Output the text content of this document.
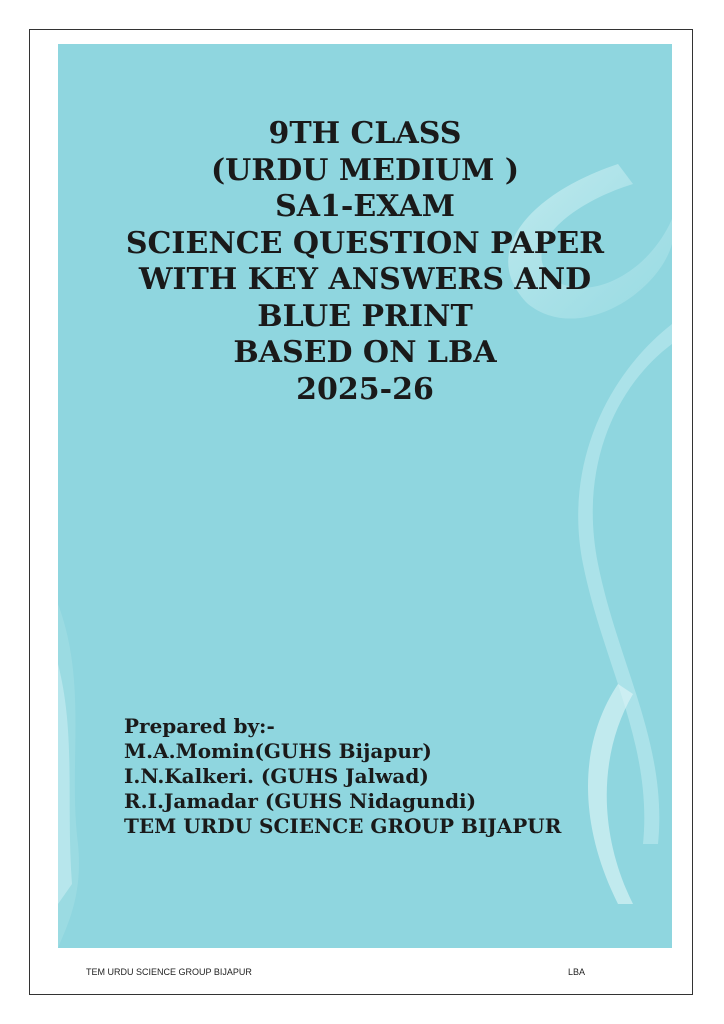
9TH CLASS
(URDU MEDIUM )
SA1-EXAM
SCIENCE QUESTION PAPER
WITH KEY ANSWERS AND
BLUE PRINT
BASED ON LBA
2025-26
Prepared by:-
M.A.Momin(GUHS Bijapur)
I.N.Kalkeri. (GUHS Jalwad)
R.I.Jamadar (GUHS Nidagundi)
TEM URDU SCIENCE GROUP BIJAPUR
TEM URDU SCIENCE GROUP BIJAPUR	LBA
